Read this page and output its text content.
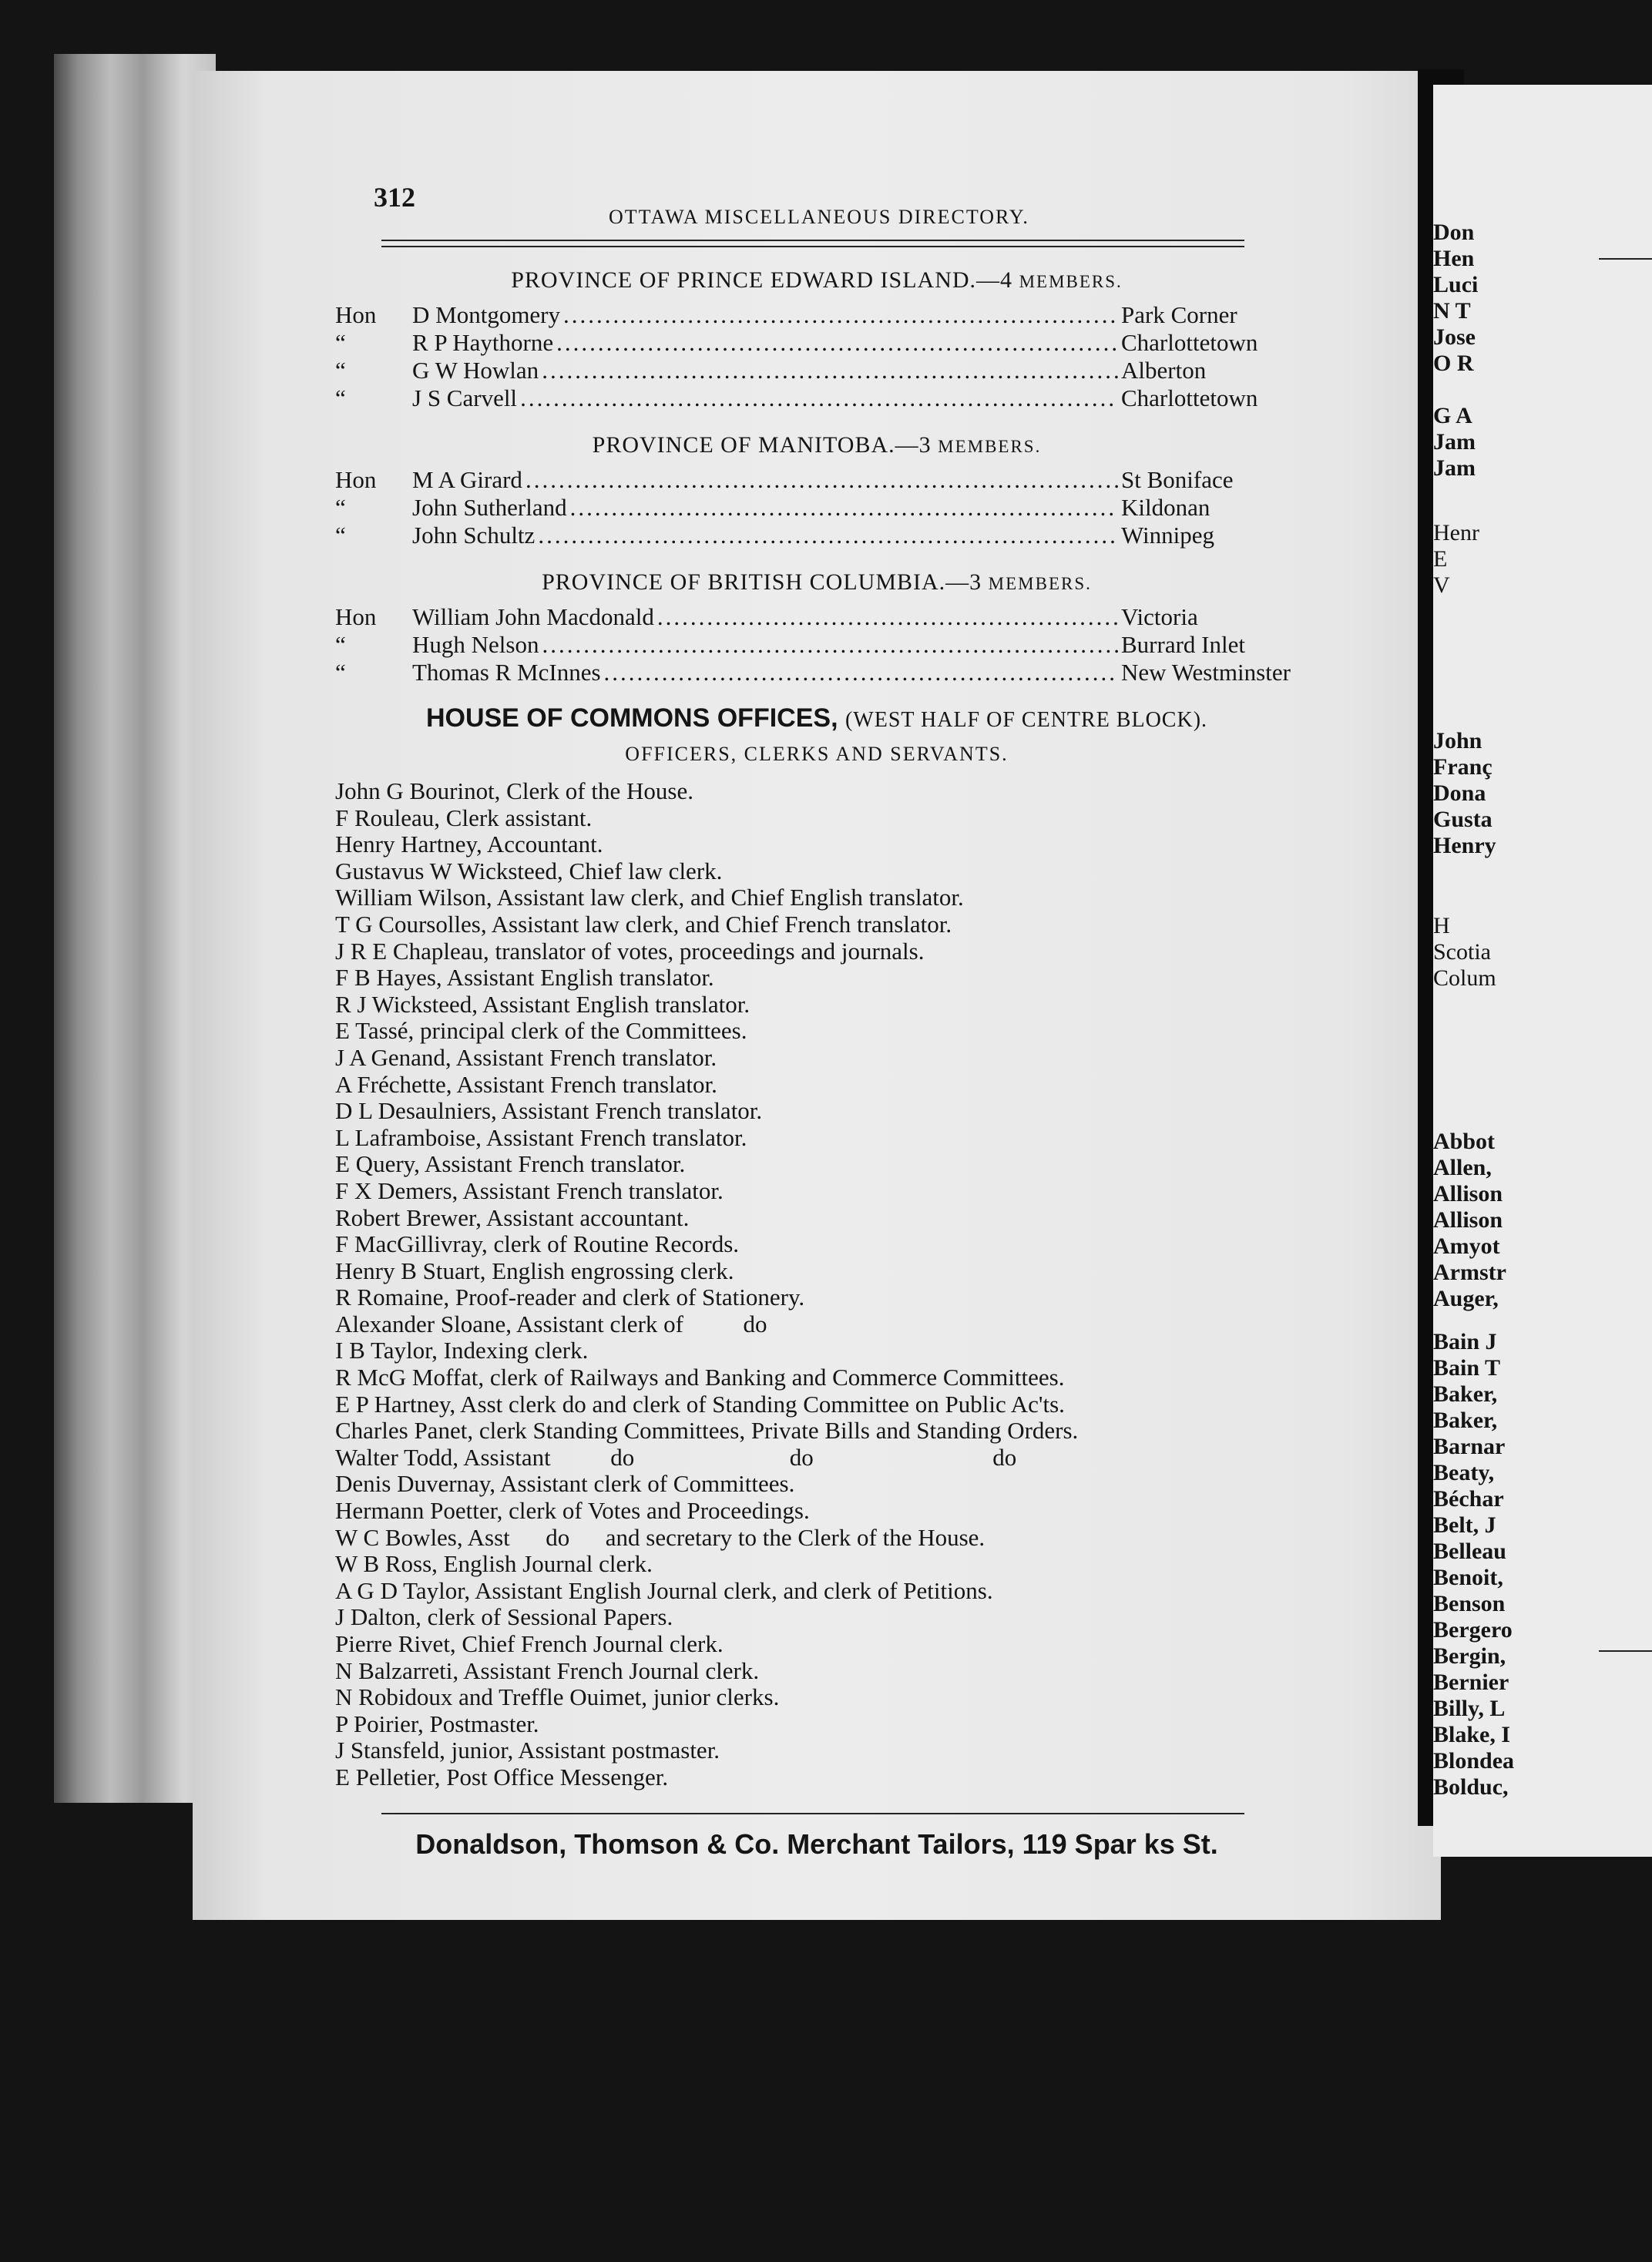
Don
Hen
Luci
N T
Jose
O R

G A
Jam
Jam
Henr
E
V
John
Franç
Dona
Gusta
Henry
H
Scotia
Colum
Abbot
Allen,
Allison
Allison
Amyot
Armstr
Auger,
Bain J
Bain T
Baker,
Baker,
Barnar
Beaty,
Béchar
Belt, J
Belleau
Benoit,
Benson
Bergero
Bergin,
Bernier
Billy, L
Blake, I
Blondea
Bolduc,
312
OTTAWA MISCELLANEOUS DIRECTORY.
PROVINCE OF PRINCE EDWARD ISLAND.—4 MEMBERS.
Hon	D Montgomery .....	Park Corner
“	R P Haythorne .....	Charlottetown
“	G W Howlan .....	Alberton
“	J S Carvell .....	Charlottetown
PROVINCE OF MANITOBA.—3 MEMBERS.
Hon	M A Girard .....	St Boniface
“	John Sutherland .....	Kildonan
“	John Schultz .....	Winnipeg
PROVINCE OF BRITISH COLUMBIA.—3 MEMBERS.
Hon	William John Macdonald .....	Victoria
“	Hugh Nelson .....	Burrard Inlet
“	Thomas R McInnes .....	New Westminster
HOUSE OF COMMONS OFFICES, (WEST HALF OF CENTRE BLOCK).
OFFICERS, CLERKS AND SERVANTS.
John G Bourinot, Clerk of the House.
F Rouleau, Clerk assistant.
Henry Hartney, Accountant.
Gustavus W Wicksteed, Chief law clerk.
William Wilson, Assistant law clerk, and Chief English translator.
T G Coursolles, Assistant law clerk, and Chief French translator.
J R E Chapleau, translator of votes, proceedings and journals.
F B Hayes, Assistant English translator.
R J Wicksteed, Assistant English translator.
E Tassé, principal clerk of the Committees.
J A Genand, Assistant French translator.
A Fréchette, Assistant French translator.
D L Desaulniers, Assistant French translator.
L Laframboise, Assistant French translator.
E Query, Assistant French translator.
F X Demers, Assistant French translator.
Robert Brewer, Assistant accountant.
F MacGillivray, clerk of Routine Records.
Henry B Stuart, English engrossing clerk.
R Romaine, Proof-reader and clerk of Stationery.
Alexander Sloane, Assistant clerk of          do
I B Taylor, Indexing clerk.
R McG Moffat, clerk of Railways and Banking and Commerce Committees.
E P Hartney, Asst clerk do and clerk of Standing Committee on Public Ac'ts.
Charles Panet, clerk Standing Committees, Private Bills and Standing Orders.
Walter Todd, Assistant          do                          do                              do
Denis Duvernay, Assistant clerk of Committees.
Hermann Poetter, clerk of Votes and Proceedings.
W C Bowles, Asst      do      and secretary to the Clerk of the House.
W B Ross, English Journal clerk.
A G D Taylor, Assistant English Journal clerk, and clerk of Petitions.
J Dalton, clerk of Sessional Papers.
Pierre Rivet, Chief French Journal clerk.
N Balzarreti, Assistant French Journal clerk.
N Robidoux and Treffle Ouimet, junior clerks.
P Poirier, Postmaster.
J Stansfeld, junior, Assistant postmaster.
E Pelletier, Post Office Messenger.
Donaldson, Thomson & Co. Merchant Tailors, 119 Spar ks St.
